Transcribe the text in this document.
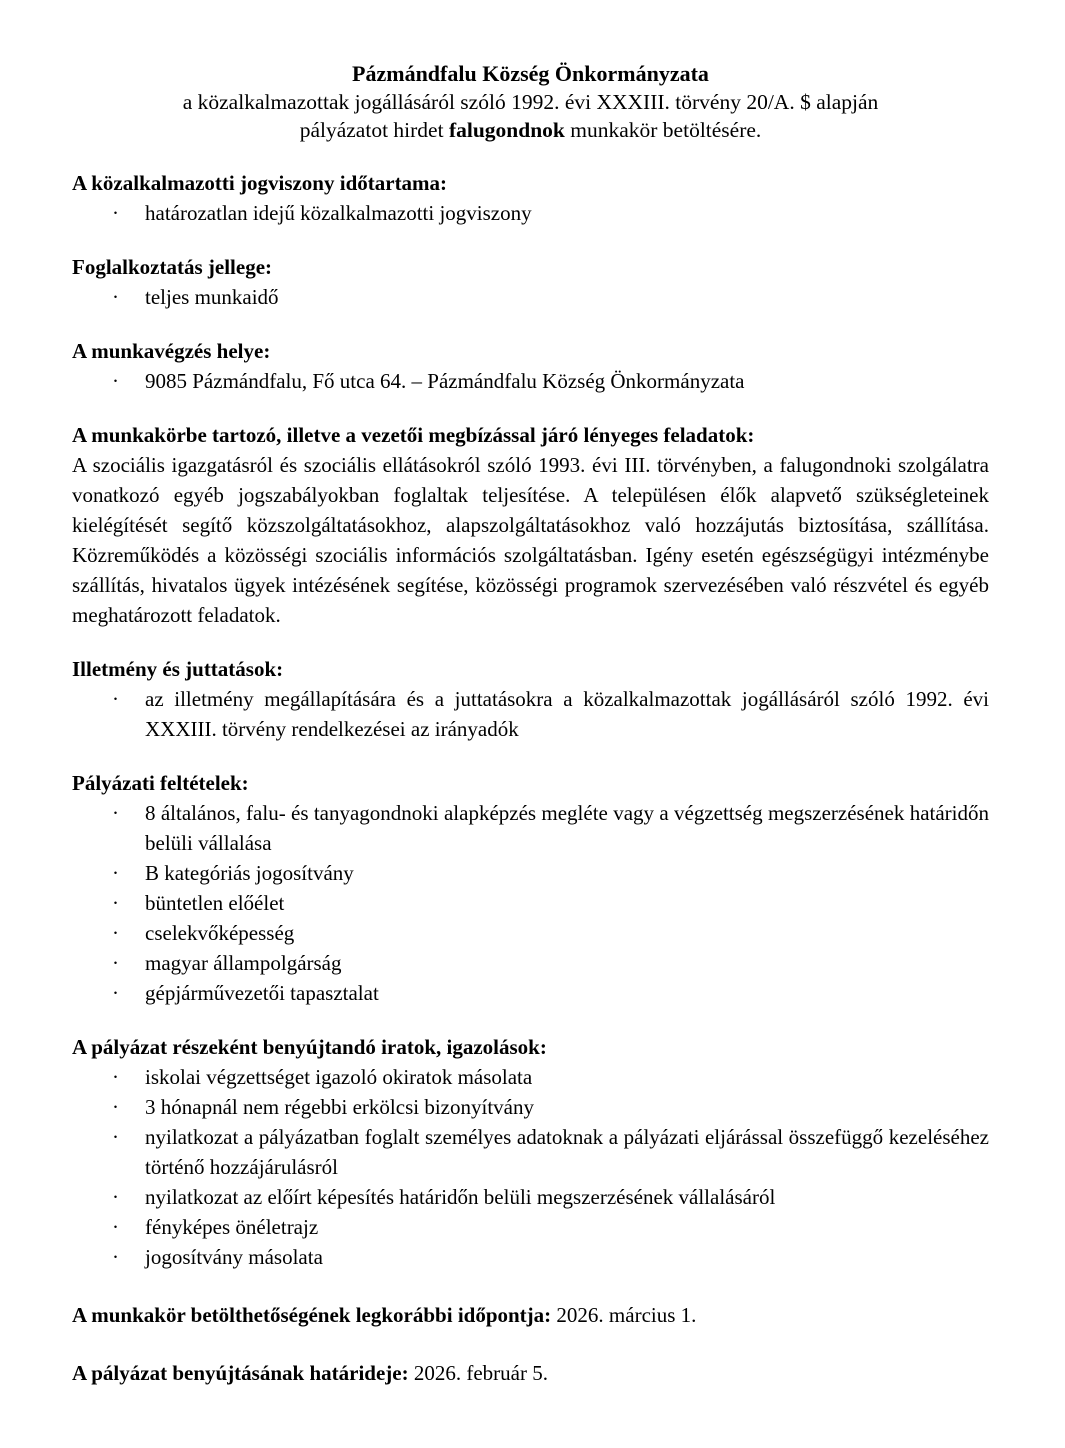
Pázmándfalu Község Önkormányzata
a közalkalmazottak jogállásáról szóló 1992. évi XXXIII. törvény 20/A. $ alapján
pályázatot hirdet falugondnok munkakör betöltésére.
A közalkalmazotti jogviszony időtartama:
·	határozatlan idejű közalkalmazotti jogviszony
Foglalkoztatás jellege:
·	teljes munkaidő
A munkavégzés helye:
·	9085 Pázmándfalu, Fő utca 64. – Pázmándfalu Község Önkormányzata
A munkakörbe tartozó, illetve a vezetői megbízással járó lényeges feladatok:
A szociális igazgatásról és szociális ellátásokról szóló 1993. évi III. törvényben, a falugondnoki szolgálatra vonatkozó egyéb jogszabályokban foglaltak teljesítése. A településen élők alapvető szükségleteinek kielégítését segítő közszolgáltatásokhoz, alapszolgáltatásokhoz való hozzájutás biztosítása, szállítása. Közreműködés a közösségi szociális információs szolgáltatásban. Igény esetén egészségügyi intézménybe szállítás, hivatalos ügyek intézésének segítése, közösségi programok szervezésében való részvétel és egyéb meghatározott feladatok.
Illetmény és juttatások:
·	az illetmény megállapítására és a juttatásokra a közalkalmazottak jogállásáról szóló 1992. évi XXXIII. törvény rendelkezései az irányadók
Pályázati feltételek:
·	8 általános, falu- és tanyagondnoki alapképzés megléte vagy a végzettség megszerzésének határidőn belüli vállalása
·	B kategóriás jogosítvány
·	büntetlen előélet
·	cselekvőképesség
·	magyar állampolgárság
·	gépjárművezetői tapasztalat
A pályázat részeként benyújtandó iratok, igazolások:
·	iskolai végzettséget igazoló okiratok másolata
·	3 hónapnál nem régebbi erkölcsi bizonyítvány
·	nyilatkozat a pályázatban foglalt személyes adatoknak a pályázati eljárással összefüggő kezeléséhez történő hozzájárulásról
·	nyilatkozat az előírt képesítés határidőn belüli megszerzésének vállalásáról
·	fényképes önéletrajz
·	jogosítvány másolata
A munkakör betölthetőségének legkorábbi időpontja: 2026. március 1.
A pályázat benyújtásának határideje: 2026. február 5.
